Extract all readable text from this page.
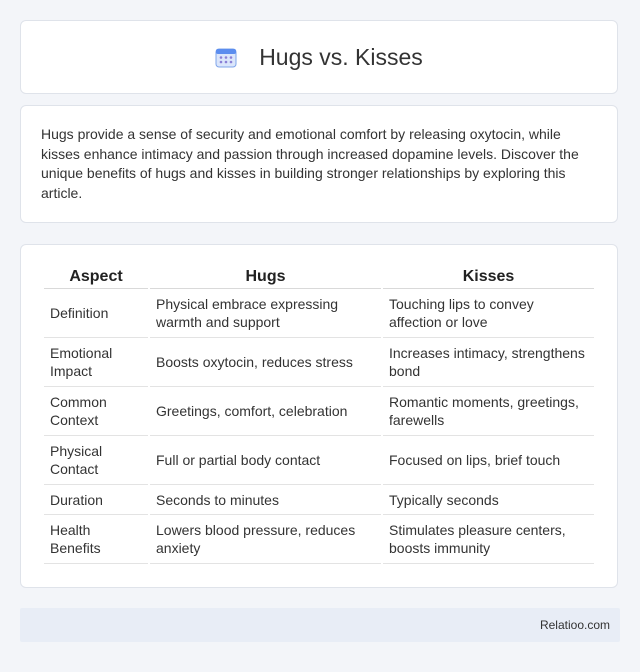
Hugs vs. Kisses

Hugs provide a sense of security and emotional comfort by releasing oxytocin, while kisses enhance intimacy and passion through increased dopamine levels. Discover the unique benefits of hugs and kisses in building stronger relationships by exploring this article.

Aspect	Hugs	Kisses
Definition	Physical embrace expressing warmth and support	Touching lips to convey affection or love
Emotional Impact	Boosts oxytocin, reduces stress	Increases intimacy, strengthens bond
Common Context	Greetings, comfort, celebration	Romantic moments, greetings, farewells
Physical Contact	Full or partial body contact	Focused on lips, brief touch
Duration	Seconds to minutes	Typically seconds
Health Benefits	Lowers blood pressure, reduces anxiety	Stimulates pleasure centers, boosts immunity
Relatioo.com
